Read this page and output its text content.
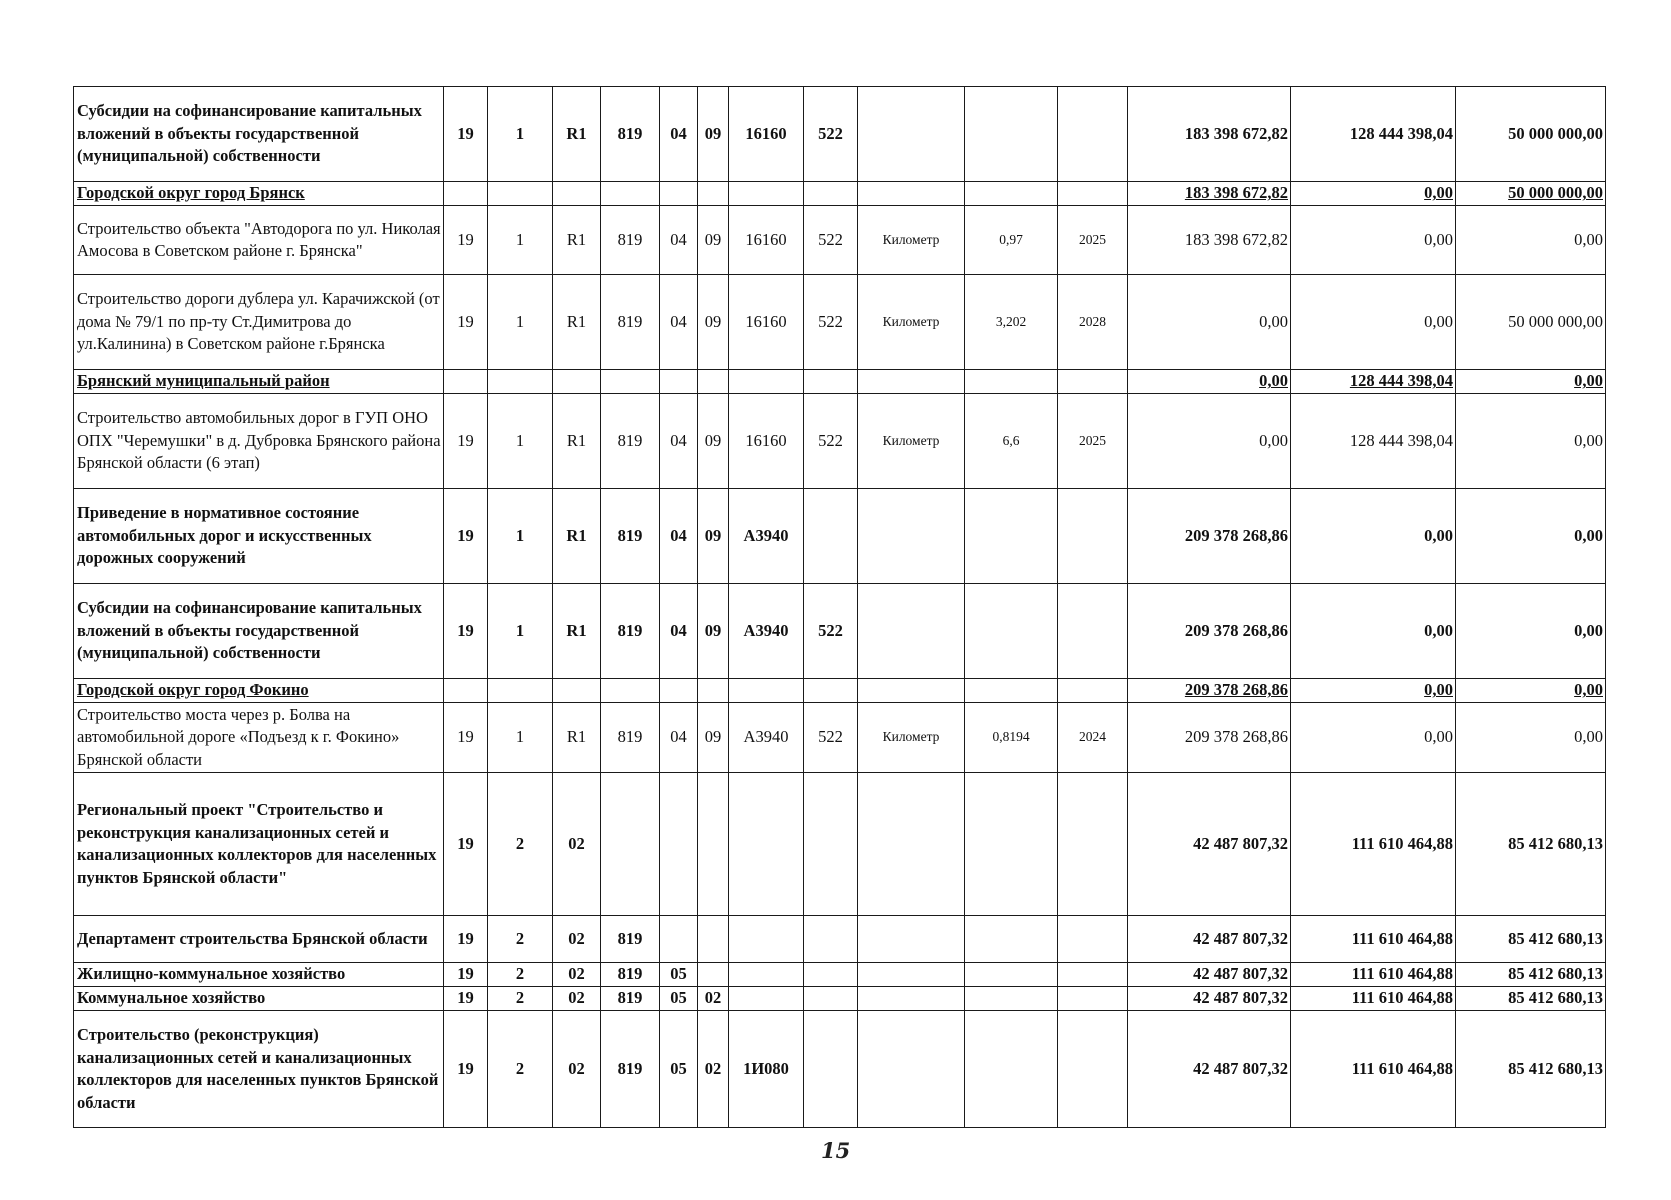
Субсидии на софинансирование капитальных вложений в объекты государственной (муниципальной) собственности	19	1	R1	819	04	09	16160	522				183 398 672,82	128 444 398,04	50 000 000,00
Городской округ город Брянск												183 398 672,82	0,00	50 000 000,00
Строительство объекта "Автодорога по ул. Николая Амосова в Советском районе г. Брянска"	19	1	R1	819	04	09	16160	522	Километр	0,97	2025	183 398 672,82	0,00	0,00
Строительство дороги дублера ул. Карачижской (от дома № 79/1 по пр-ту Ст.Димитрова до ул.Калинина) в Советском районе г.Брянска	19	1	R1	819	04	09	16160	522	Километр	3,202	2028	0,00	0,00	50 000 000,00
Брянский муниципальный район												0,00	128 444 398,04	0,00
Строительство автомобильных дорог в ГУП ОНО ОПХ "Черемушки" в д. Дубровка Брянского района Брянской области (6 этап)	19	1	R1	819	04	09	16160	522	Километр	6,6	2025	0,00	128 444 398,04	0,00
Приведение в нормативное состояние автомобильных дорог и искусственных дорожных сооружений	19	1	R1	819	04	09	А3940					209 378 268,86	0,00	0,00
Субсидии на софинансирование капитальных вложений в объекты государственной (муниципальной) собственности	19	1	R1	819	04	09	А3940	522				209 378 268,86	0,00	0,00
Городской округ город Фокино												209 378 268,86	0,00	0,00
Строительство моста через р. Болва на автомобильной дороге «Подъезд к г. Фокино» Брянской области	19	1	R1	819	04	09	А3940	522	Километр	0,8194	2024	209 378 268,86	0,00	0,00
Региональный проект "Строительство и реконструкция канализационных сетей и канализационных коллекторов для населенных пунктов Брянской области"	19	2	02									42 487 807,32	111 610 464,88	85 412 680,13
Департамент строительства Брянской области	19	2	02	819								42 487 807,32	111 610 464,88	85 412 680,13
Жилищно-коммунальное хозяйство	19	2	02	819	05							42 487 807,32	111 610 464,88	85 412 680,13
Коммунальное хозяйство	19	2	02	819	05	02						42 487 807,32	111 610 464,88	85 412 680,13
Строительство (реконструкция) канализационных сетей и канализационных коллекторов для населенных пунктов Брянской области	19	2	02	819	05	02	1И080					42 487 807,32	111 610 464,88	85 412 680,13
15
